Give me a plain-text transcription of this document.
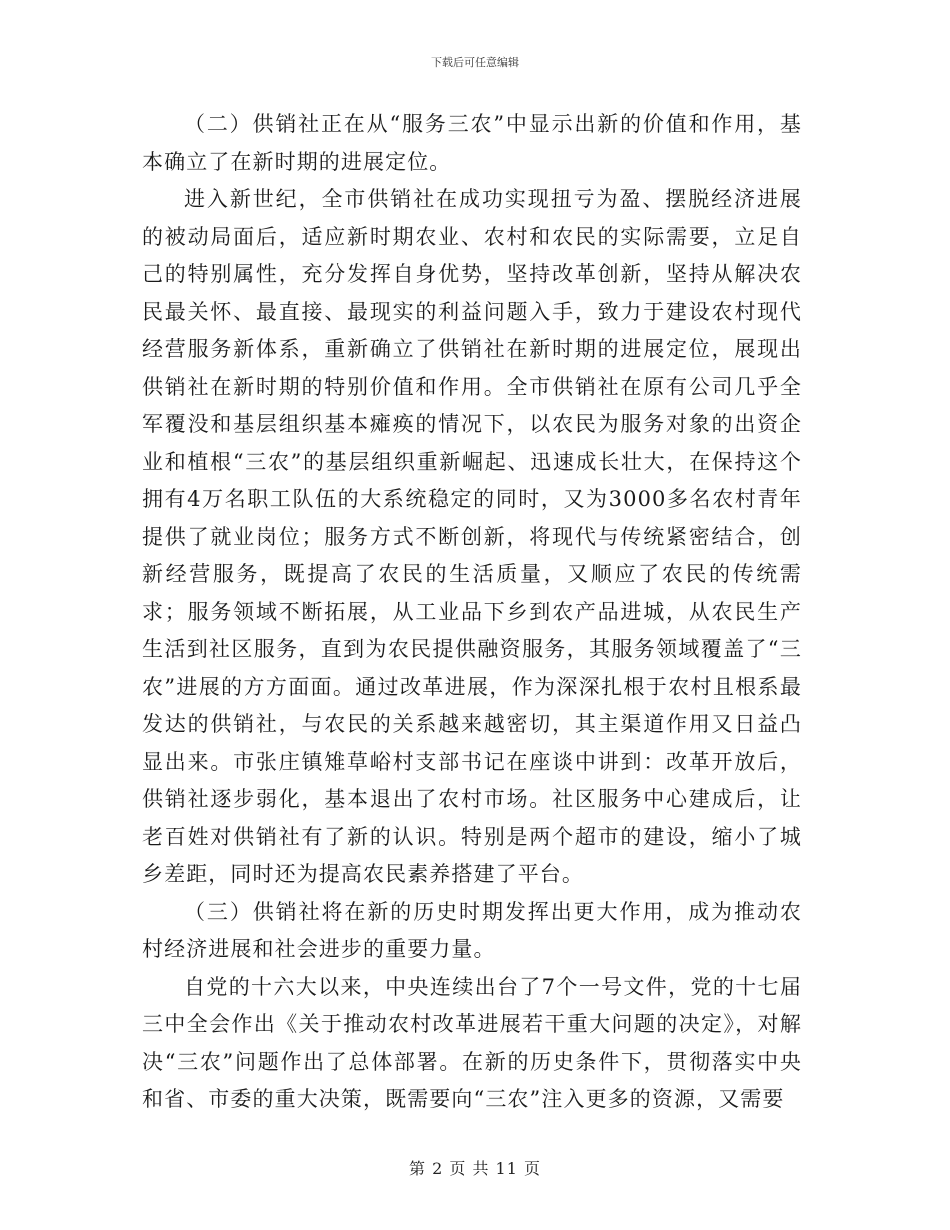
下载后可任意编辑

（二）供销社正在从“服务三农”中显示出新的价值和作用，基本确立了在新时期的进展定位。

进入新世纪，全市供销社在成功实现扭亏为盈、摆脱经济进展的被动局面后，适应新时期农业、农村和农民的实际需要，立足自己的特别属性，充分发挥自身优势，坚持改革创新，坚持从解决农民最关怀、最直接、最现实的利益问题入手，致力于建设农村现代经营服务新体系，重新确立了供销社在新时期的进展定位，展现出供销社在新时期的特别价值和作用。全市供销社在原有公司几乎全军覆没和基层组织基本瘫痪的情况下，以农民为服务对象的出资企业和植根“三农”的基层组织重新崛起、迅速成长壮大，在保持这个拥有4万名职工队伍的大系统稳定的同时，又为3000多名农村青年提供了就业岗位；服务方式不断创新，将现代与传统紧密结合，创新经营服务，既提高了农民的生活质量，又顺应了农民的传统需求；服务领域不断拓展，从工业品下乡到农产品进城，从农民生产生活到社区服务，直到为农民提供融资服务，其服务领域覆盖了“三农”进展的方方面面。通过改革进展，作为深深扎根于农村且根系最发达的供销社，与农民的关系越来越密切，其主渠道作用又日益凸显出来。市张庄镇雉草峪村支部书记在座谈中讲到：改革开放后，供销社逐步弱化，基本退出了农村市场。社区服务中心建成后，让老百姓对供销社有了新的认识。特别是两个超市的建设，缩小了城乡差距，同时还为提高农民素养搭建了平台。

（三）供销社将在新的历史时期发挥出更大作用，成为推动农村经济进展和社会进步的重要力量。

自党的十六大以来，中央连续出台了7个一号文件，党的十七届三中全会作出《关于推动农村改革进展若干重大问题的决定》，对解决“三农”问题作出了总体部署。在新的历史条件下，贯彻落实中央和省、市委的重大决策，既需要向“三农”注入更多的资源，又需要

第 2 页 共 11 页
